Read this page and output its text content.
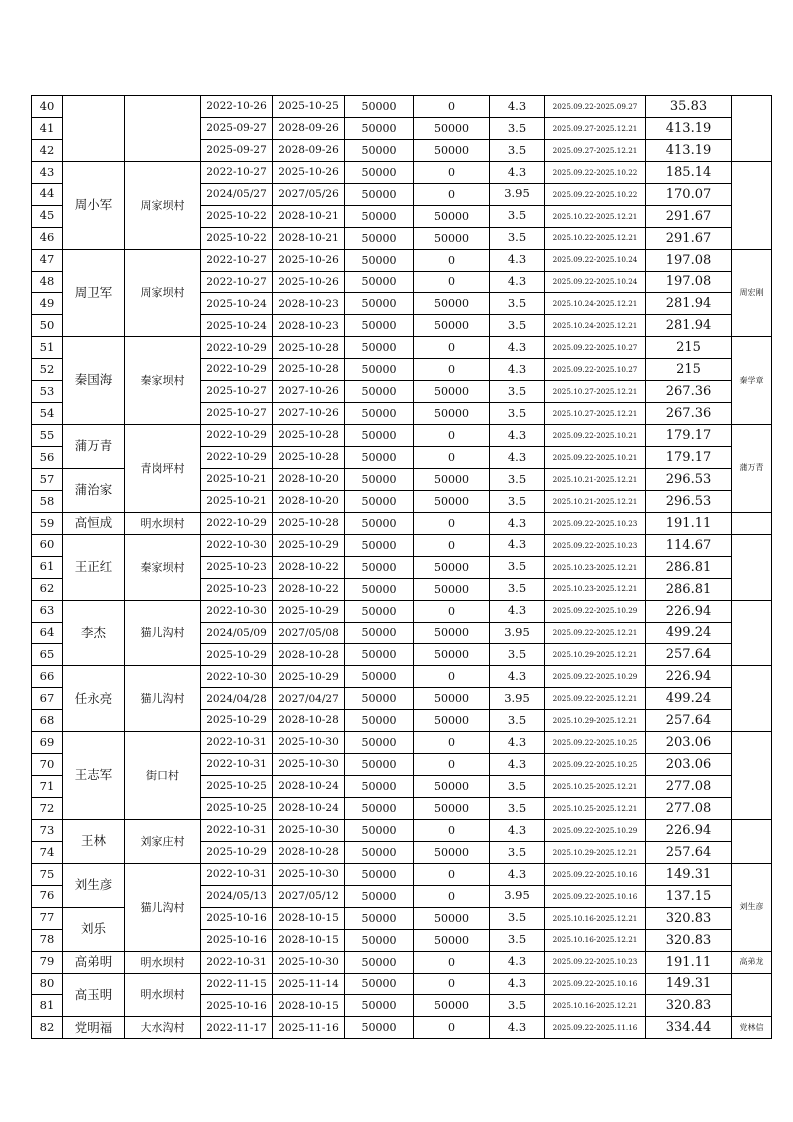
40			2022-10-26	2025-10-25	50000	0	4.3	2025.09.22-2025.09.27	35.83	
41			2025-09-27	2028-09-26	50000	50000	3.5	2025.09.27-2025.12.21	413.19	
42			2025-09-27	2028-09-26	50000	50000	3.5	2025.09.27-2025.12.21	413.19	
43	周小军	周家坝村	2022-10-27	2025-10-26	50000	0	4.3	2025.09.22-2025.10.22	185.14	
44			2024/05/27	2027/05/26	50000	0	3.95	2025.09.22-2025.10.22	170.07	
45			2025-10-22	2028-10-21	50000	50000	3.5	2025.10.22-2025.12.21	291.67	
46			2025-10-22	2028-10-21	50000	50000	3.5	2025.10.22-2025.12.21	291.67	
47	周卫军	周家坝村	2022-10-27	2025-10-26	50000	0	4.3	2025.09.22-2025.10.24	197.08	周宏刚
48			2022-10-27	2025-10-26	50000	0	4.3	2025.09.22-2025.10.24	197.08	
49			2025-10-24	2028-10-23	50000	50000	3.5	2025.10.24-2025.12.21	281.94	
50			2025-10-24	2028-10-23	50000	50000	3.5	2025.10.24-2025.12.21	281.94	
51	秦国海	秦家坝村	2022-10-29	2025-10-28	50000	0	4.3	2025.09.22-2025.10.27	215	秦学章
52			2022-10-29	2025-10-28	50000	0	4.3	2025.09.22-2025.10.27	215	
53			2025-10-27	2027-10-26	50000	50000	3.5	2025.10.27-2025.12.21	267.36	
54			2025-10-27	2027-10-26	50000	50000	3.5	2025.10.27-2025.12.21	267.36	
55	蒲万青	青岗坪村	2022-10-29	2025-10-28	50000	0	4.3	2025.09.22-2025.10.21	179.17	蒲万青
56			2022-10-29	2025-10-28	50000	0	4.3	2025.09.22-2025.10.21	179.17	
57	蒲治家		2025-10-21	2028-10-20	50000	50000	3.5	2025.10.21-2025.12.21	296.53	
58			2025-10-21	2028-10-20	50000	50000	3.5	2025.10.21-2025.12.21	296.53	
59	高恒成	明水坝村	2022-10-29	2025-10-28	50000	0	4.3	2025.09.22-2025.10.23	191.11	
60	王正红	秦家坝村	2022-10-30	2025-10-29	50000	0	4.3	2025.09.22-2025.10.23	114.67	
61			2025-10-23	2028-10-22	50000	50000	3.5	2025.10.23-2025.12.21	286.81	
62			2025-10-23	2028-10-22	50000	50000	3.5	2025.10.23-2025.12.21	286.81	
63	李杰	猫儿沟村	2022-10-30	2025-10-29	50000	0	4.3	2025.09.22-2025.10.29	226.94	
64			2024/05/09	2027/05/08	50000	50000	3.95	2025.09.22-2025.12.21	499.24	
65			2025-10-29	2028-10-28	50000	50000	3.5	2025.10.29-2025.12.21	257.64	
66	任永亮	猫儿沟村	2022-10-30	2025-10-29	50000	0	4.3	2025.09.22-2025.10.29	226.94	
67			2024/04/28	2027/04/27	50000	50000	3.95	2025.09.22-2025.12.21	499.24	
68			2025-10-29	2028-10-28	50000	50000	3.5	2025.10.29-2025.12.21	257.64	
69	王志军	街口村	2022-10-31	2025-10-30	50000	0	4.3	2025.09.22-2025.10.25	203.06	
70			2022-10-31	2025-10-30	50000	0	4.3	2025.09.22-2025.10.25	203.06	
71			2025-10-25	2028-10-24	50000	50000	3.5	2025.10.25-2025.12.21	277.08	
72			2025-10-25	2028-10-24	50000	50000	3.5	2025.10.25-2025.12.21	277.08	
73	王林	刘家庄村	2022-10-31	2025-10-30	50000	0	4.3	2025.09.22-2025.10.29	226.94	
74			2025-10-29	2028-10-28	50000	50000	3.5	2025.10.29-2025.12.21	257.64	
75	刘生彦	猫儿沟村	2022-10-31	2025-10-30	50000	0	4.3	2025.09.22-2025.10.16	149.31	刘生彦
76			2024/05/13	2027/05/12	50000	0	3.95	2025.09.22-2025.10.16	137.15	
77	刘乐		2025-10-16	2028-10-15	50000	50000	3.5	2025.10.16-2025.12.21	320.83	
78			2025-10-16	2028-10-15	50000	50000	3.5	2025.10.16-2025.12.21	320.83	
79	高弟明	明水坝村	2022-10-31	2025-10-30	50000	0	4.3	2025.09.22-2025.10.23	191.11	高弟龙
80	高玉明	明水坝村	2022-11-15	2025-11-14	50000	0	4.3	2025.09.22-2025.10.16	149.31	
81			2025-10-16	2028-10-15	50000	50000	3.5	2025.10.16-2025.12.21	320.83	
82	党明福	大水沟村	2022-11-17	2025-11-16	50000	0	4.3	2025.09.22-2025.11.16	334.44	党林信
